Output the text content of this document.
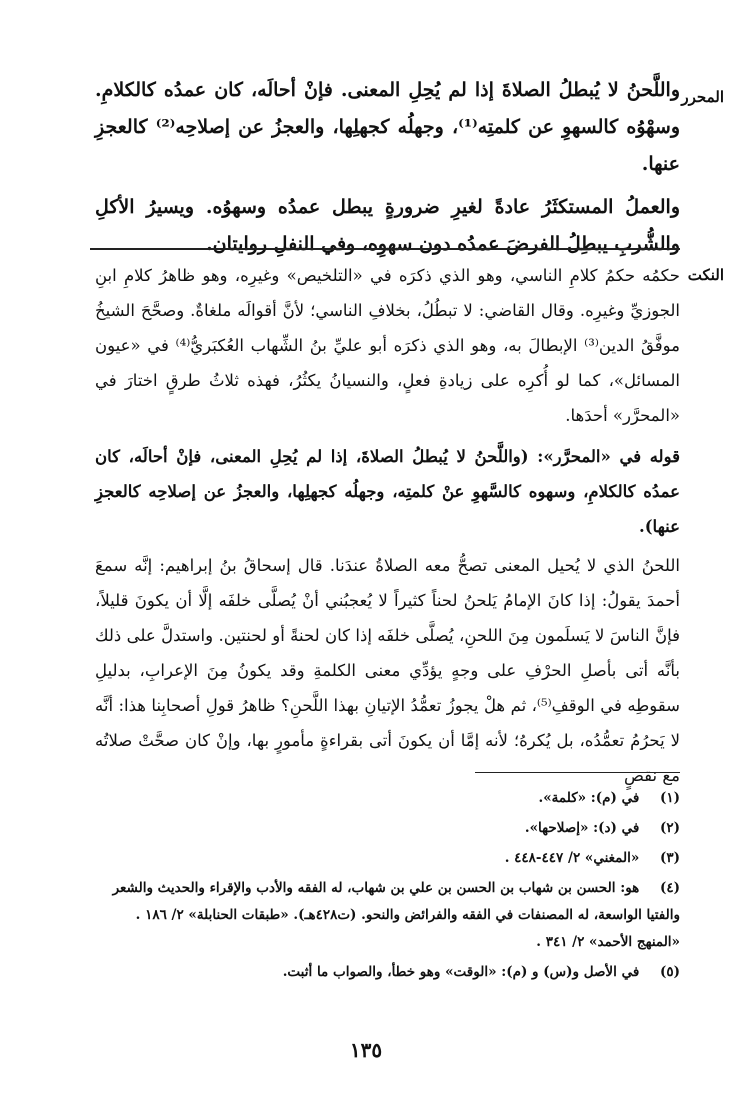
المحرر

واللَّحنُ لا يُبطلُ الصلاةَ إذا لم يُحِلِ المعنى. فإنْ أحالَه، كان عمدُه كالكلامِ. وسهْوُه كالسهوِ عن كلمتِه⁽¹⁾، وجهلُه كجهلِها، والعجزُ عن إصلاحِه⁽²⁾ كالعجزِ عنها.

والعملُ المستكثَرُ عادةً لغيرِ ضرورةٍ يبطل عمدُه وسهوُه. ويسيرُ الأكلِ والشُّربِ يبطِلُ الفرضَ عمدُه دون سهوِه، وفي النفلِ روايتان.

النكت

حكمُه حكمُ كلامِ الناسي، وهو الذي ذكرَه في «التلخيص» وغيرِه، وهو ظاهرُ كلامِ ابنِ الجوزيِّ وغيرِه. وقال القاضي: لا تبطُلُ، بخلافِ الناسي؛ لأنَّ أقوالَه ملغاةٌ. وصحَّحَ الشيخُ موفَّقُ الدين⁽³⁾ الإبطالَ به، وهو الذي ذكرَه أبو عليِّ بنُ الشِّهاب العُكبَريُّ⁽⁴⁾ في «عيون المسائل»، كما لو أُكرِه على زيادةِ فعلٍ، والنسيانُ يكثُرُ، فهذه ثلاثُ طرقٍ اختارَ في «المحرَّر» أحدَها.

قوله في «المحرَّر»: (واللَّحنُ لا يُبطلُ الصلاةَ، إذا لم يُحِلِ المعنى، فإنْ أحالَه، كان عمدُه كالكلامِ، وسهوه كالسَّهوِ عنْ كلمتِه، وجهلُه كجهلِها، والعجزُ عن إصلاحِه كالعجزِ عنها).

اللحنُ الذي لا يُحيل المعنى تصحُّ معه الصلاةُ عندَنا. قال إسحاقُ بنُ إبراهيم: إنَّه سمعَ أحمدَ يقولُ: إذا كانَ الإمامُ يَلحنُ لحناً كثيراً لا يُعجبُني أنْ يُصلَّى خلفَه إلَّا أن يكونَ قليلاً، فإنَّ الناسَ لا يَسلَمون مِنَ اللحنِ، يُصلَّى خلفَه إذا كان لحنةً أو لحنتين. واستدلَّ على ذلك بأنَّه أتى بأصلِ الحرْفِ على وجهٍ يؤدِّي معنى الكلمةِ وقد يكونُ مِنَ الإعرابِ، بدليلِ سقوطِه في الوقفِ⁽⁵⁾، ثم هلْ يجوزُ تعمُّدُ الإتيانِ بهذا اللَّحنِ؟ ظاهرُ قولِ أصحابِنا هذا: أنَّه لا يَحرُمُ تعمُّدُه، بل يُكرهُ؛ لأنه إمَّا أن يكونَ أتى بقراءةٍ مأمورٍ بها، وإنْ كان صحَّتْ صلاتُه مع نقصٍ

(١) في (م): «كلمة».
(٢) في (د): «إصلاحها».
(٣) «المغني» ٢/ ٤٤٧-٤٤٨ .
(٤) هو: الحسن بن شهاب بن الحسن بن علي بن شهاب، له الفقه والأدب والإقراء والحديث والشعر والفتيا الواسعة، له المصنفات في الفقه والفرائض والنحو. (ت٤٢٨هـ). «طبقات الحنابلة» ٢/ ١٨٦ . «المنهج الأحمد» ٢/ ٣٤١ .
(٥) في الأصل و(س) و (م): «الوقت» وهو خطأ، والصواب ما أثبت.
١٣٥
